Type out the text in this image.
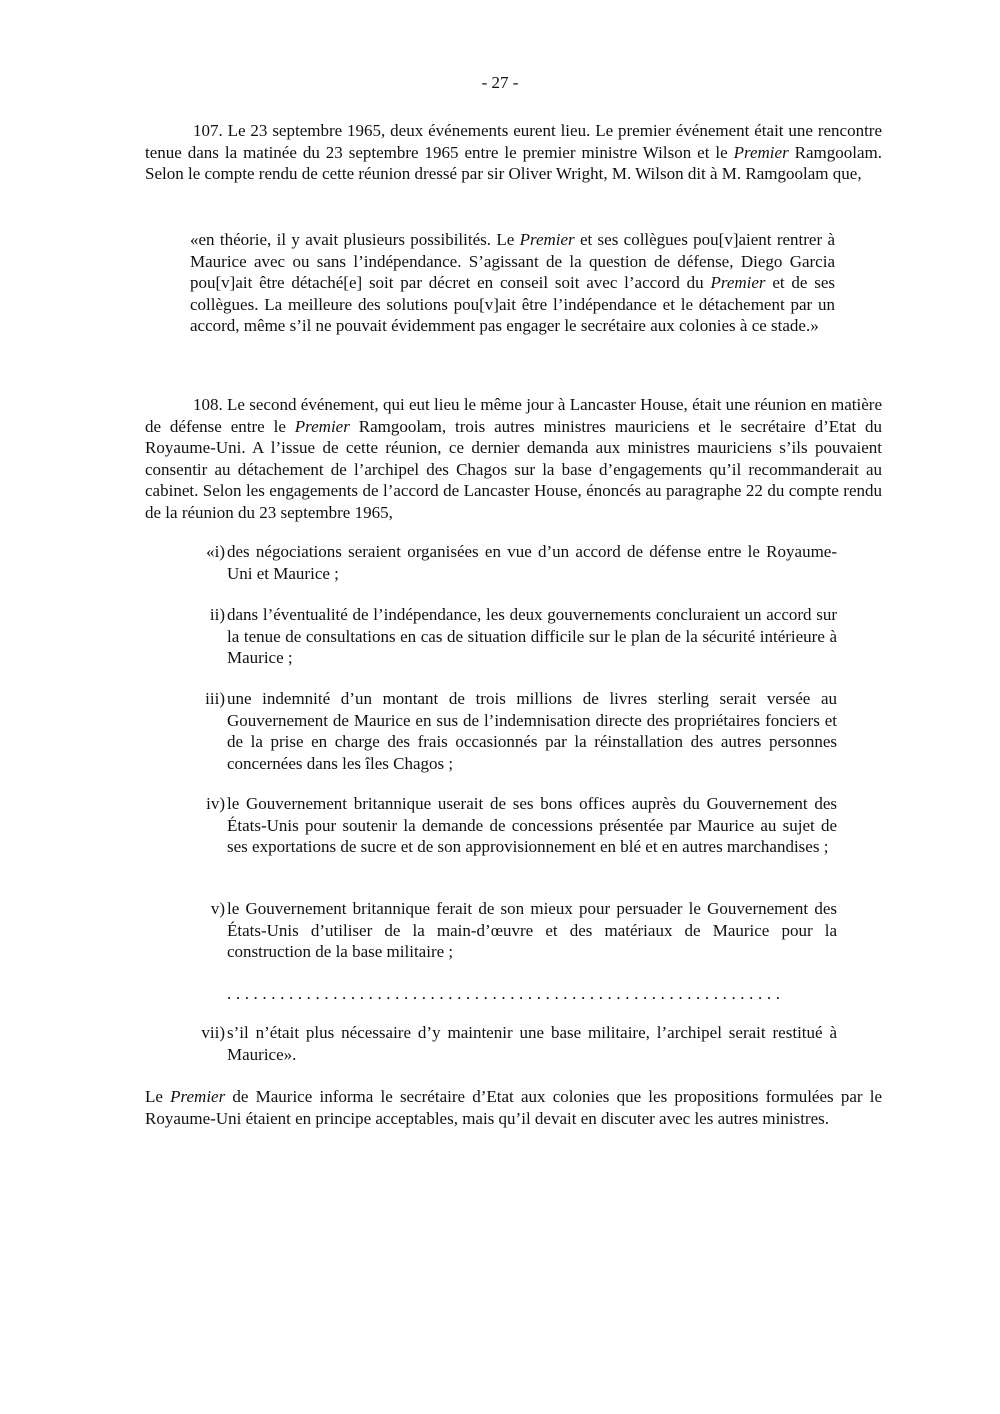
- 27 -

107. Le 23 septembre 1965, deux événements eurent lieu. Le premier événement était une rencontre tenue dans la matinée du 23 septembre 1965 entre le premier ministre Wilson et le Premier Ramgoolam. Selon le compte rendu de cette réunion dressé par sir Oliver Wright, M. Wilson dit à M. Ramgoolam que,

«en théorie, il y avait plusieurs possibilités. Le Premier et ses collègues pou[v]aient rentrer à Maurice avec ou sans l’indépendance. S’agissant de la question de défense, Diego Garcia pou[v]ait être détaché[e] soit par décret en conseil soit avec l’accord du Premier et de ses collègues. La meilleure des solutions pou[v]ait être l’indépendance et le détachement par un accord, même s’il ne pouvait évidemment pas engager le secrétaire aux colonies à ce stade.»

108. Le second événement, qui eut lieu le même jour à Lancaster House, était une réunion en matière de défense entre le Premier Ramgoolam, trois autres ministres mauriciens et le secrétaire d’Etat du Royaume-Uni. A l’issue de cette réunion, ce dernier demanda aux ministres mauriciens s’ils pouvaient consentir au détachement de l’archipel des Chagos sur la base d’engagements qu’il recommanderait au cabinet. Selon les engagements de l’accord de Lancaster House, énoncés au paragraphe 22 du compte rendu de la réunion du 23 septembre 1965,

«i) des négociations seraient organisées en vue d’un accord de défense entre le Royaume-Uni et Maurice ;
ii) dans l’éventualité de l’indépendance, les deux gouvernements concluraient un accord sur la tenue de consultations en cas de situation difficile sur le plan de la sécurité intérieure à Maurice ;
iii) une indemnité d’un montant de trois millions de livres sterling serait versée au Gouvernement de Maurice en sus de l’indemnisation directe des propriétaires fonciers et de la prise en charge des frais occasionnés par la réinstallation des autres personnes concernées dans les îles Chagos ;
iv) le Gouvernement britannique userait de ses bons offices auprès du Gouvernement des États-Unis pour soutenir la demande de concessions présentée par Maurice au sujet de ses exportations de sucre et de son approvisionnement en blé et en autres marchandises ;
v) le Gouvernement britannique ferait de son mieux pour persuader le Gouvernement des États-Unis d’utiliser de la main-d’œuvre et des matériaux de Maurice pour la construction de la base militaire ;
...............................................................
vii) s’il n’était plus nécessaire d’y maintenir une base militaire, l’archipel serait restitué à Maurice».

Le Premier de Maurice informa le secrétaire d’Etat aux colonies que les propositions formulées par le Royaume-Uni étaient en principe acceptables, mais qu’il devait en discuter avec les autres ministres.
